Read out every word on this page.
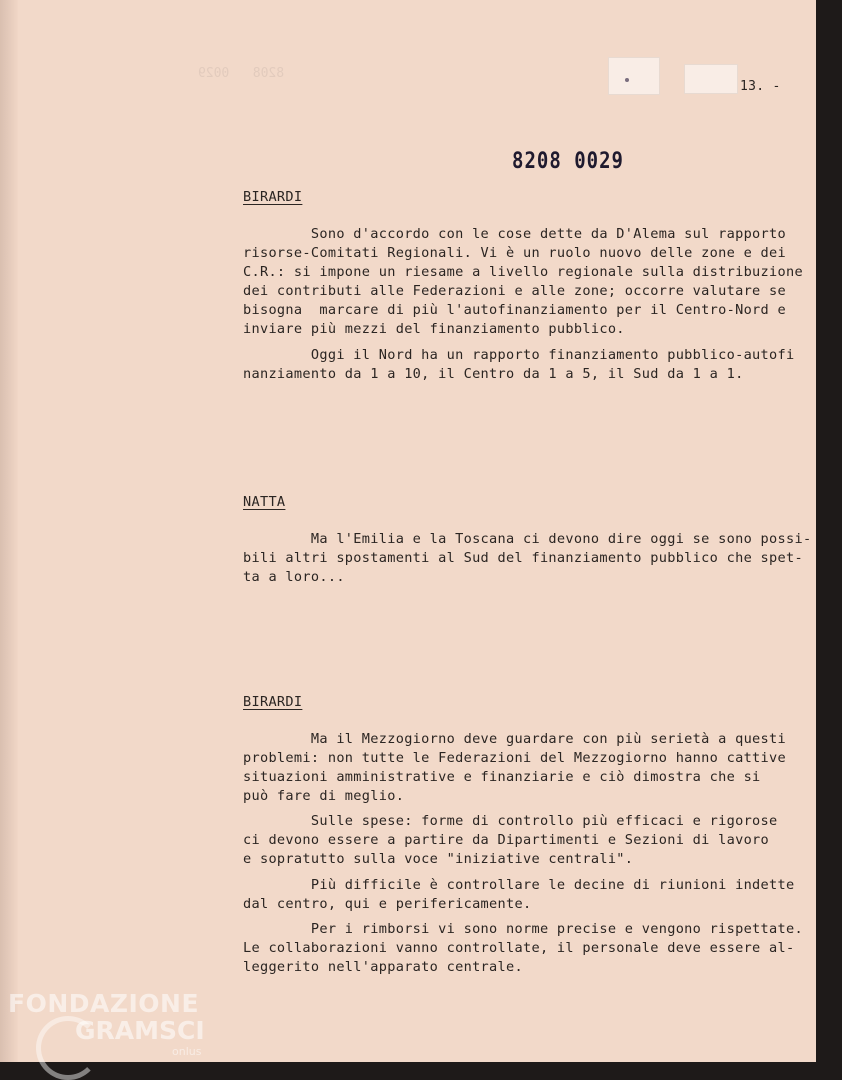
8208   0029
13. -
8208 0029
BIRARDI
Sono d'accordo con le cose dette da D'Alema sul rapporto
risorse-Comitati Regionali. Vi è un ruolo nuovo delle zone e dei
C.R.: si impone un riesame a livello regionale sulla distribuzione
dei contributi alle Federazioni e alle zone; occorre valutare se
bisogna  marcare di più l'autofinanziamento per il Centro-Nord e
inviare più mezzi del finanziamento pubblico.
Oggi il Nord ha un rapporto finanziamento pubblico-autofi
nanziamento da 1 a 10, il Centro da 1 a 5, il Sud da 1 a 1.
NATTA
Ma l'Emilia e la Toscana ci devono dire oggi se sono possi-
bili altri spostamenti al Sud del finanziamento pubblico che spet-
ta a loro...
BIRARDI
Ma il Mezzogiorno deve guardare con più serietà a questi
problemi: non tutte le Federazioni del Mezzogiorno hanno cattive
situazioni amministrative e finanziarie e ciò dimostra che si
può fare di meglio.
Sulle spese: forme di controllo più efficaci e rigorose
ci devono essere a partire da Dipartimenti e Sezioni di lavoro
e sopratutto sulla voce "iniziative centrali".
Più difficile è controllare le decine di riunioni indette
dal centro, qui e perifericamente.
Per i rimborsi vi sono norme precise e vengono rispettate.
Le collaborazioni vanno controllate, il personale deve essere al-
leggerito nell'apparato centrale.
FONDAZIONE
GRAMSCI
onlus
